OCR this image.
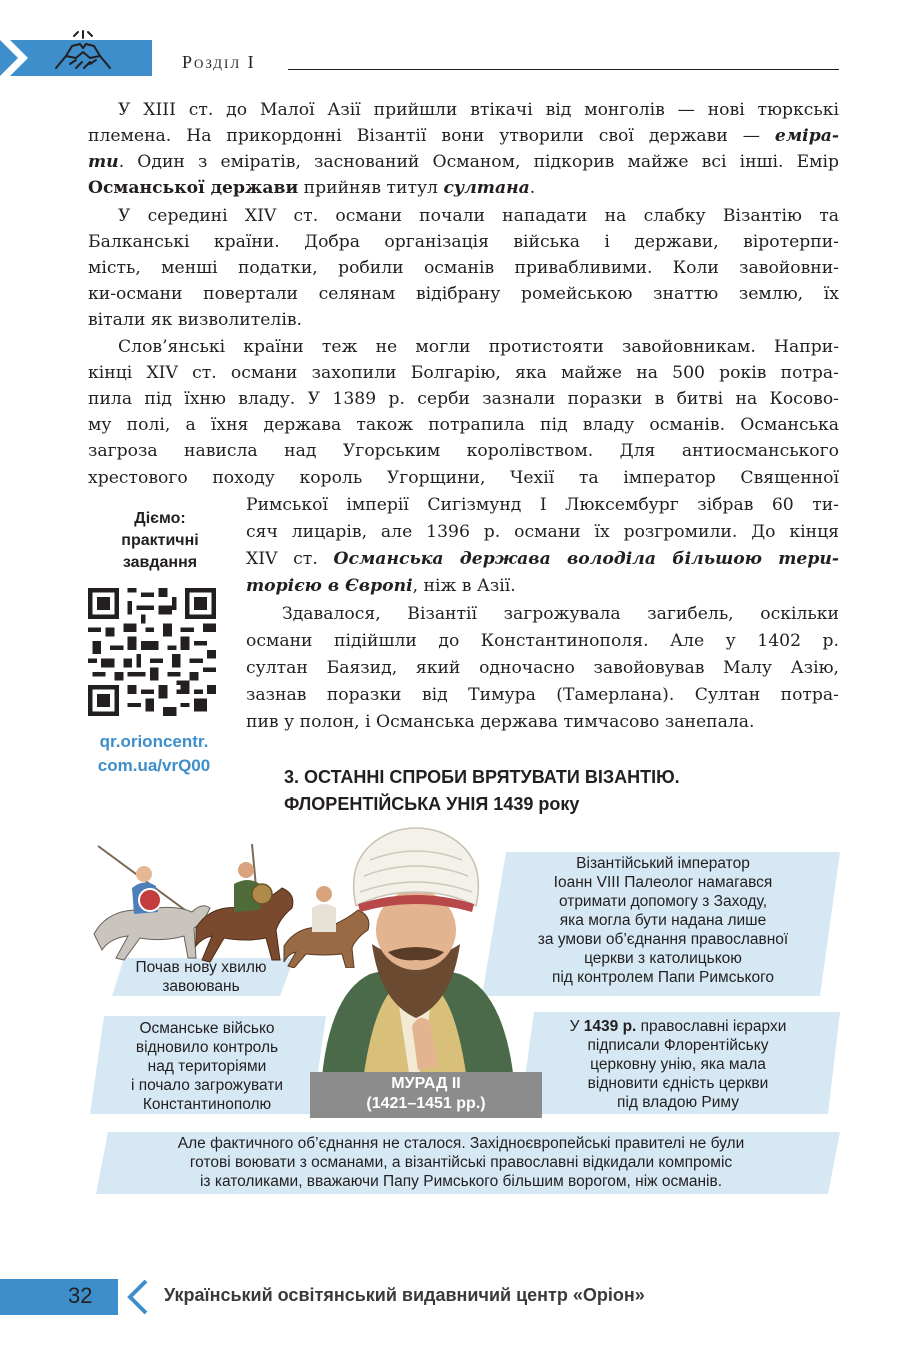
Розділ I
У XIII ст. до Малої Азії прийшли втікачі від монголів — нові тюркські
племена. На прикордонні Візантії вони утворили свої держави — еміра-
ти. Один з еміратів, заснований Османом, підкорив майже всі інші. Емір
Османської держави прийняв титул султана.
У середині XIV ст. османи почали нападати на слабку Візантію та
Балканські країни. Добра організація війська і держави, віротерпи-
мість, менші податки, робили османів привабливими. Коли завойовни-
ки-османи повертали селянам відібрану ромейською знаттю землю, їх
вітали як визволителів.
Слов’янські країни теж не могли протистояти завойовникам. Напри-
кінці XIV ст. османи захопили Болгарію, яка майже на 500 років потра-
пила під їхню владу. У 1389 р. серби зазнали поразки в битві на Косово-
му полі, а їхня держава також потрапила під владу османів. Османська
загроза нависла над Угорським королівством. Для антиосманського
хрестового походу король Угорщини, Чехії та імператор Священної
Римської імперії Сигізмунд I Люксембург зібрав 60 ти-
сяч лицарів, але 1396 р. османи їх розгромили. До кінця
XIV ст. Османська держава володіла більшою тери-
торією в Європі, ніж в Азії.
Здавалося, Візантії загрожувала загибель, оскільки
османи підійшли до Константинополя. Але у 1402 р.
султан Баязид, який одночасно завойовував Малу Азію,
зазнав поразки від Тимура (Тамерлана). Султан потра-
пив у полон, і Османська держава тимчасово занепала.
Діємо:
практичні
завдання
qr.orioncentr.
com.ua/vrQ00
3. ОСТАННІ СПРОБИ ВРЯТУВАТИ ВІЗАНТІЮ.
ФЛОРЕНТІЙСЬКА УНІЯ 1439 року
МУРАД II
(1421–1451 рр.)
Почав нову хвилю
завоювань
Візантійський імператор
Іоанн VIII Палеолог намагався
отримати допомогу з Заходу,
яка могла бути надана лише
за умови об’єднання православної
церкви з католицькою
під контролем Папи Римського
Османське військо
відновило контроль
над територіями
і почало загрожувати
Константинополю
У 1439 р. православні ієрархи
підписали Флорентійську
церковну унію, яка мала
відновити єдність церкви
під владою Риму
Але фактичного об’єднання не сталося. Західноєвропейські правителі не були
готові воювати з османами, а візантійські православні відкидали компроміс
із католиками, вважаючи Папу Римського більшим ворогом, ніж османів.
32	Український освітянський видавничий центр «Оріон»
